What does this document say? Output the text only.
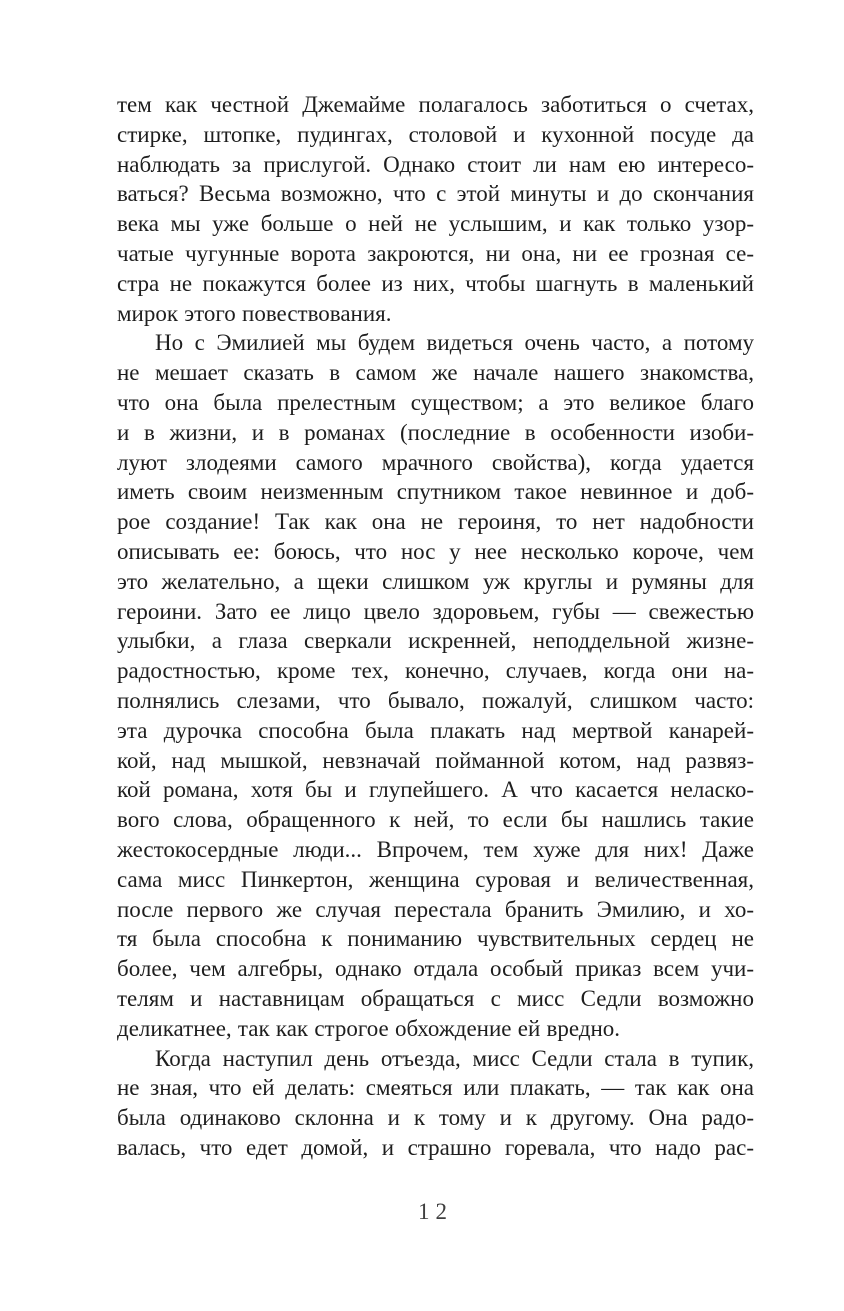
тем как честной Джемайме полагалось заботиться о счетах,
стирке, штопке, пудингах, столовой и кухонной посуде да
наблюдать за прислугой. Однако стоит ли нам ею интересо-
ваться? Весьма возможно, что с этой минуты и до скончания
века мы уже больше о ней не услышим, и как только узор-
чатые чугунные ворота закроются, ни она, ни ее грозная се-
стра не покажутся более из них, чтобы шагнуть в маленький
мирок этого повествования.
Но с Эмилией мы будем видеться очень часто, а потому
не мешает сказать в самом же начале нашего знакомства,
что она была прелестным существом; а это великое благо
и в жизни, и в романах (последние в особенности изоби-
луют злодеями самого мрачного свойства), когда удается
иметь своим неизменным спутником такое невинное и доб-
рое создание! Так как она не героиня, то нет надобности
описывать ее: боюсь, что нос у нее несколько короче, чем
это желательно, а щеки слишком уж круглы и румяны для
героини. Зато ее лицо цвело здоровьем, губы — свежестью
улыбки, а глаза сверкали искренней, неподдельной жизне-
радостностью, кроме тех, конечно, случаев, когда они на-
полнялись слезами, что бывало, пожалуй, слишком часто:
эта дурочка способна была плакать над мертвой канарей-
кой, над мышкой, невзначай пойманной котом, над развяз-
кой романа, хотя бы и глупейшего. А что касается неласко-
вого слова, обращенного к ней, то если бы нашлись такие
жестокосердные люди... Впрочем, тем хуже для них! Даже
сама мисс Пинкертон, женщина суровая и величественная,
после первого же случая перестала бранить Эмилию, и хо-
тя была способна к пониманию чувствительных сердец не
более, чем алгебры, однако отдала особый приказ всем учи-
телям и наставницам обращаться с мисс Седли возможно
деликатнее, так как строгое обхождение ей вредно.
Когда наступил день отъезда, мисс Седли стала в тупик,
не зная, что ей делать: смеяться или плакать, — так как она
была одинаково склонна и к тому и к другому. Она радо-
валась, что едет домой, и страшно горевала, что надо рас-
12
